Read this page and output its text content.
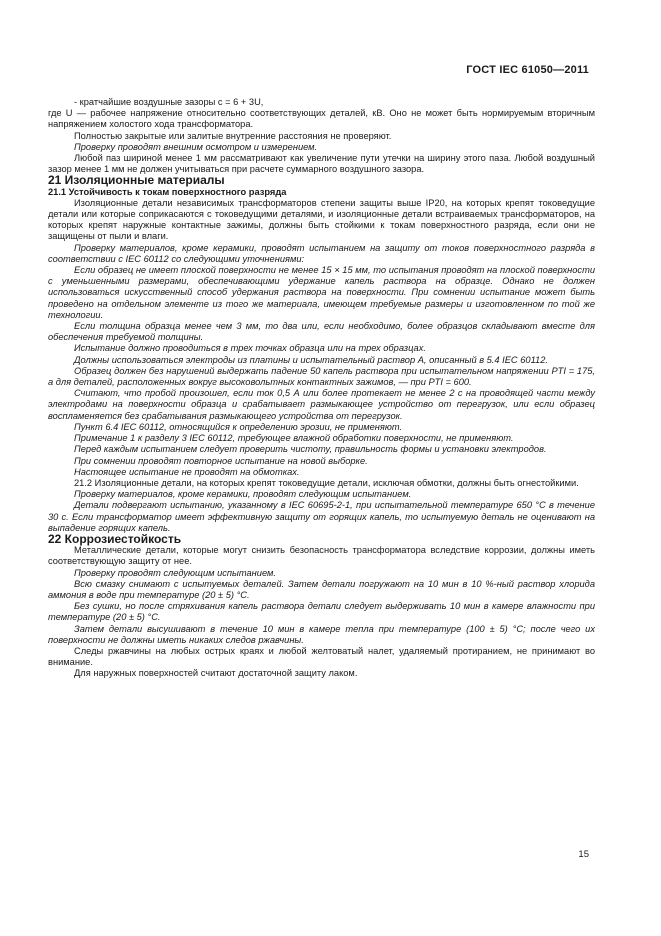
ГОСТ IEC 61050—2011

- кратчайшие воздушные зазоры c = 6 + 3U,

где U — рабочее напряжение относительно соответствующих деталей, кВ. Оно не может быть нормируемым вторичным напряжением холостого хода трансформатора.

Полностью закрытые или залитые внутренние расстояния не проверяют.

Проверку проводят внешним осмотром и измерением.

Любой паз шириной менее 1 мм рассматривают как увеличение пути утечки на ширину этого паза. Любой воздушный зазор менее 1 мм не должен учитываться при расчете суммарного воздушного зазора.

21 Изоляционные материалы

21.1 Устойчивость к токам поверхностного разряда

Изоляционные детали независимых трансформаторов степени защиты выше IP20, на которых крепят токоведущие детали или которые соприкасаются с токоведущими деталями, и изоляционные детали встраиваемых трансформаторов, на которых крепят наружные контактные зажимы, должны быть стойкими к токам поверхностного разряда, если они не защищены от пыли и влаги.

Проверку материалов, кроме керамики, проводят испытанием на защиту от токов поверхностного разряда в соответствии с IEC 60112 со следующими уточнениями:

Если образец не имеет плоской поверхности не менее 15 × 15 мм, то испытания проводят на плоской поверхности с уменьшенными размерами, обеспечивающими удержание капель раствора на образце. Однако не должен использоваться искусственный способ удержания раствора на поверхности. При сомнении испытание может быть проведено на отдельном элементе из того же материала, имеющем требуемые размеры и изготовленном по той же технологии.

Если толщина образца менее чем 3 мм, то два или, если необходимо, более образцов складывают вместе для обеспечения требуемой толщины.

Испытание должно проводиться в трех точках образца или на трех образцах.

Должны использоваться электроды из платины и испытательный раствор А, описанный в 5.4 IEC 60112.

Образец должен без нарушений выдержать падение 50 капель раствора при испытательном напряжении PTI = 175, а для деталей, расположенных вокруг высоковольтных контактных зажимов, — при PTI = 600.

Считают, что пробой произошел, если ток 0,5 А или более протекает не менее 2 с на проводящей части между электродами на поверхности образца и срабатывает размыкающее устройство от перегрузок, или если образец воспламеняется без срабатывания размыкающего устройства от перегрузок.

Пункт 6.4 IEC 60112, относящийся к определению эрозии, не применяют.

Примечание 1 к разделу 3 IEC 60112, требующее влажной обработки поверхности, не применяют.

Перед каждым испытанием следует проверить чистоту, правильность формы и установки электродов.

При сомнении проводят повторное испытание на новой выборке.

Настоящее испытание не проводят на обмотках.

21.2 Изоляционные детали, на которых крепят токоведущие детали, исключая обмотки, должны быть огнестойкими.

Проверку материалов, кроме керамики, проводят следующим испытанием.

Детали подвергают испытанию, указанному в IEC 60695-2-1, при испытательной температуре 650 °С в течение 30 с. Если трансформатор имеет эффективную защиту от горящих капель, то испытуемую деталь не оценивают на выпадение горящих капель.

22 Коррозиестойкость

Металлические детали, которые могут снизить безопасность трансформатора вследствие коррозии, должны иметь соответствующую защиту от нее.

Проверку проводят следующим испытанием.

Всю смазку снимают с испытуемых деталей. Затем детали погружают на 10 мин в 10 %-ный раствор хлорида аммония в воде при температуре (20 ± 5) °С.

Без сушки, но после стряхивания капель раствора детали следует выдерживать 10 мин в камере влажности при температуре (20 ± 5) °С.

Затем детали высушивают в течение 10 мин в камере тепла при температуре (100 ± 5) °С; после чего их поверхности не должны иметь никаких следов ржавчины.

Следы ржавчины на любых острых краях и любой желтоватый налет, удаляемый протиранием, не принимают во внимание.

Для наружных поверхностей считают достаточной защиту лаком.

15
